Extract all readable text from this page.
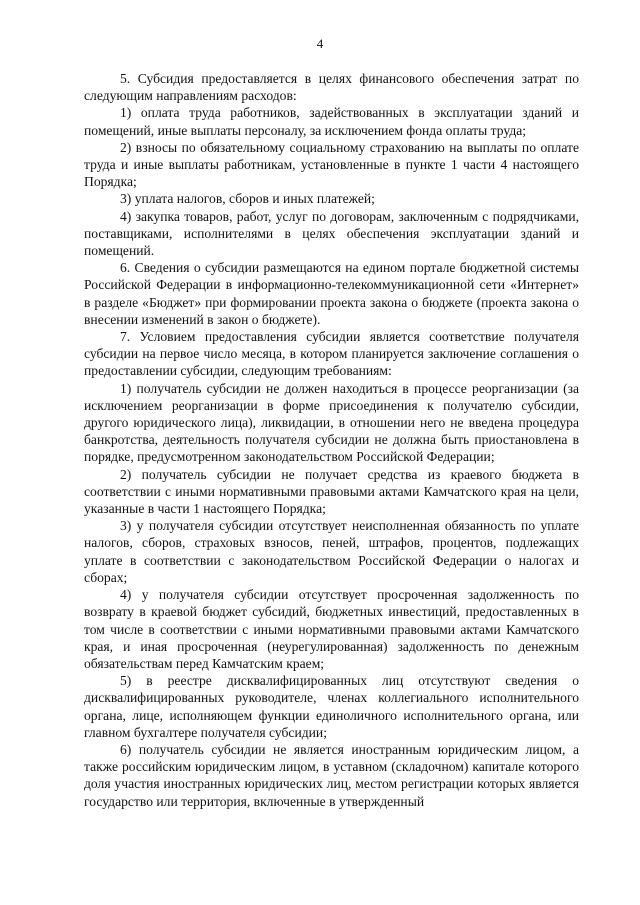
4

5. Субсидия предоставляется в целях финансового обеспечения затрат по следующим направлениям расходов:

1) оплата труда работников, задействованных в эксплуатации зданий и помещений, иные выплаты персоналу, за исключением фонда оплаты труда;

2) взносы по обязательному социальному страхованию на выплаты по оплате труда и иные выплаты работникам, установленные в пункте 1 части 4 настоящего Порядка;

3) уплата налогов, сборов и иных платежей;

4) закупка товаров, работ, услуг по договорам, заключенным с подрядчиками, поставщиками, исполнителями в целях обеспечения эксплуатации зданий и помещений.

6. Сведения о субсидии размещаются на едином портале бюджетной системы Российской Федерации в информационно-телекоммуникационной сети «Интернет» в разделе «Бюджет» при формировании проекта закона о бюджете (проекта закона о внесении изменений в закон о бюджете).

7. Условием предоставления субсидии является соответствие получателя субсидии на первое число месяца, в котором планируется заключение соглашения о предоставлении субсидии, следующим требованиям:

1) получатель субсидии не должен находиться в процессе реорганизации (за исключением реорганизации в форме присоединения к получателю субсидии, другого юридического лица), ликвидации, в отношении него не введена процедура банкротства, деятельность получателя субсидии не должна быть приостановлена в порядке, предусмотренном законодательством Российской Федерации;

2) получатель субсидии не получает средства из краевого бюджета в соответствии с иными нормативными правовыми актами Камчатского края на цели, указанные в части 1 настоящего Порядка;

3) у получателя субсидии отсутствует неисполненная обязанность по уплате налогов, сборов, страховых взносов, пеней, штрафов, процентов, подлежащих уплате в соответствии с законодательством Российской Федерации о налогах и сборах;

4) у получателя субсидии отсутствует просроченная задолженность по возврату в краевой бюджет субсидий, бюджетных инвестиций, предоставленных в том числе в соответствии с иными нормативными правовыми актами Камчатского края, и иная просроченная (неурегулированная) задолженность по денежным обязательствам перед Камчатским краем;

5) в реестре дисквалифицированных лиц отсутствуют сведения о дисквалифицированных руководителе, членах коллегиального исполнительного органа, лице, исполняющем функции единоличного исполнительного органа, или главном бухгалтере получателя субсидии;

6) получатель субсидии не является иностранным юридическим лицом, а также российским юридическим лицом, в уставном (складочном) капитале которого доля участия иностранных юридических лиц, местом регистрации которых является государство или территория, включенные в утвержденный
